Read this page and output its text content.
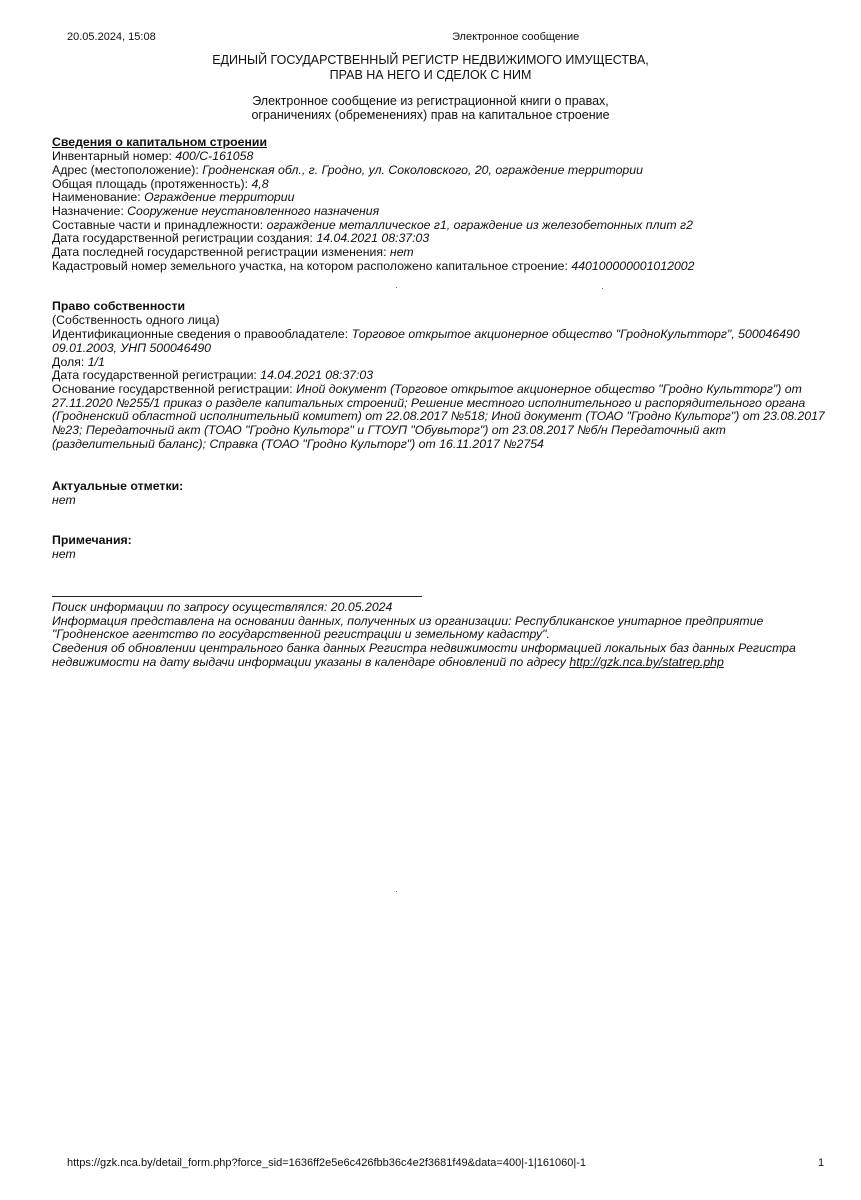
20.05.2024, 15:08	Электронное сообщение
ЕДИНЫЙ ГОСУДАРСТВЕННЫЙ РЕГИСТР НЕДВИЖИМОГО ИМУЩЕСТВА,
ПРАВ НА НЕГО И СДЕЛОК С НИМ
Электронное сообщение из регистрационной книги о правах,
ограничениях (обременениях) прав на капитальное строение
Сведения о капитальном строении
Инвентарный номер: 400/С-161058
Адрес (местоположение): Гродненская обл., г. Гродно, ул. Соколовского, 20, ограждение территории
Общая площадь (протяженность): 4,8
Наименование: Ограждение территории
Назначение: Сооружение неустановленного назначения
Составные части и принадлежности: ограждение металлическое г1, ограждение из железобетонных плит г2
Дата государственной регистрации создания: 14.04.2021 08:37:03
Дата последней государственной регистрации изменения: нет
Кадастровый номер земельного участка, на котором расположено капитальное строение: 440100000001012002
Право собственности
(Собственность одного лица)
Идентификационные сведения о правообладателе: Торговое открытое акционерное общество "ГродноКультторг", 500046490
09.01.2003, УНП 500046490
Доля: 1/1
Дата государственной регистрации: 14.04.2021 08:37:03
Основание государственной регистрации: Иной документ (Торговое открытое акционерное общество "Гродно Культторг") от
27.11.2020 №255/1 приказ о разделе капитальных строений; Решение местного исполнительного и распорядительного органа
(Гродненский областной исполнительный комитет) от 22.08.2017 №518; Иной документ (ТОАО "Гродно Культорг") от 23.08.2017
№23; Передаточный акт (ТОАО "Гродно Культорг" и ГТОУП "Обувьторг") от 23.08.2017 №б/н Передаточный акт
(разделительный баланс); Справка (ТОАО "Гродно Культорг") от 16.11.2017 №2754
Актуальные отметки:
нет
Примечания:
нет
Поиск информации по запросу осуществлялся: 20.05.2024
Информация представлена на основании данных, полученных из организации: Республиканское унитарное предприятие
"Гродненское агентство по государственной регистрации и земельному кадастру".
Сведения об обновлении центрального банка данных Регистра недвижимости информацией локальных баз данных Регистра
недвижимости на дату выдачи информации указаны в календаре обновлений по адресу http://gzk.nca.by/statrep.php
https://gzk.nca.by/detail_form.php?force_sid=1636ff2e5e6c426fbb36c4e2f3681f49&data=400|-1|161060|-1	1
